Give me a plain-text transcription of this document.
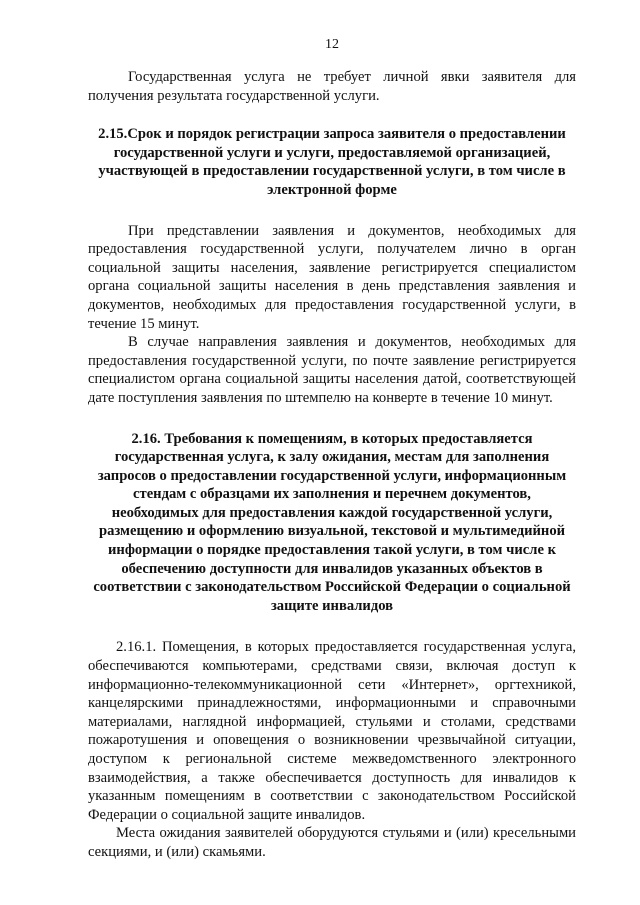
12

Государственная услуга не требует личной явки заявителя для получения результата государственной услуги.

2.15.Срок и порядок регистрации запроса заявителя о предоставлении государственной услуги и услуги, предоставляемой организацией, участвующей в предоставлении государственной услуги, в том числе в электронной форме

При представлении заявления и документов, необходимых для предоставления государственной услуги, получателем лично в орган социальной защиты населения, заявление регистрируется специалистом органа социальной защиты населения в день представления заявления и документов, необходимых для предоставления государственной услуги, в течение 15 минут.

В случае направления заявления и документов, необходимых для предоставления государственной услуги, по почте заявление регистрируется специалистом органа социальной защиты населения датой, соответствующей дате поступления заявления по штемпелю на конверте в течение 10 минут.

2.16. Требования к помещениям, в которых предоставляется государственная услуга, к залу ожидания, местам для заполнения запросов о предоставлении государственной услуги, информационным стендам с образцами их заполнения и перечнем документов, необходимых для предоставления каждой государственной услуги, размещению и оформлению визуальной, текстовой и мультимедийной информации о порядке предоставления такой услуги, в том числе к обеспечению доступности для инвалидов указанных объектов в соответствии с законодательством Российской Федерации о социальной защите инвалидов

2.16.1. Помещения, в которых предоставляется государственная услуга, обеспечиваются компьютерами, средствами связи, включая доступ к информационно-телекоммуникационной сети «Интернет», оргтехникой, канцелярскими принадлежностями, информационными и справочными материалами, наглядной информацией, стульями и столами, средствами пожаротушения и оповещения о возникновении чрезвычайной ситуации, доступом к региональной системе межведомственного электронного взаимодействия, а также обеспечивается доступность для инвалидов к указанным помещениям в соответствии с законодательством Российской Федерации о социальной защите инвалидов.

Места ожидания заявителей оборудуются стульями и (или) кресельными секциями, и (или) скамьями.
